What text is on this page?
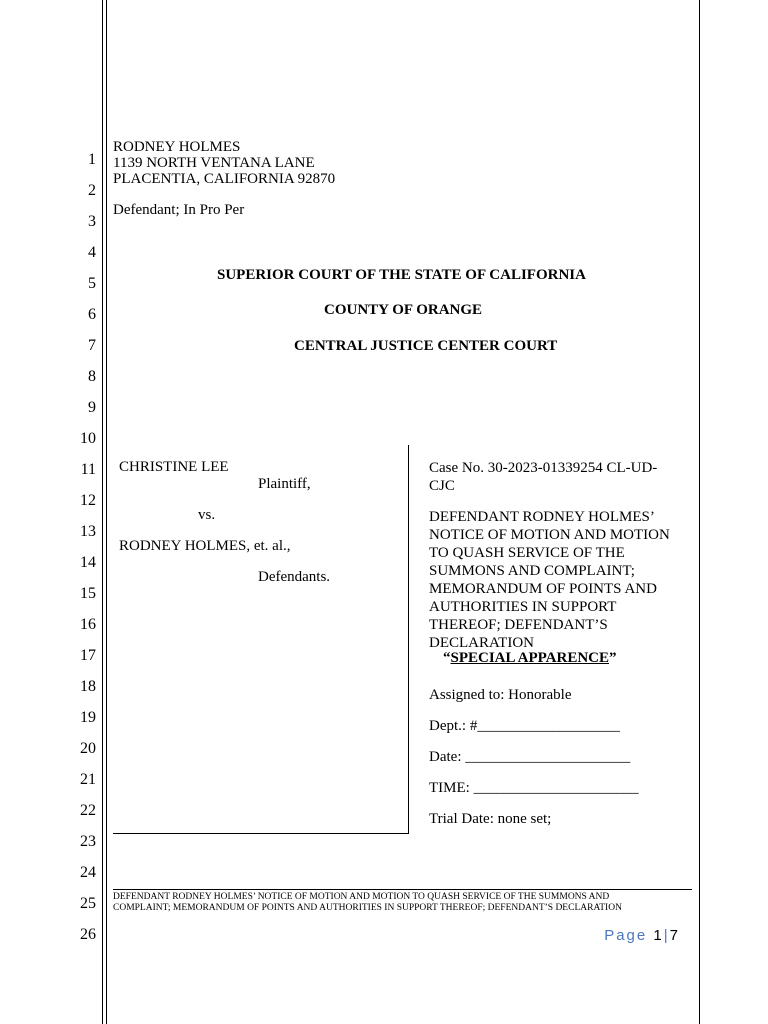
1
2
3
4
5
6
7
8
9
10
11
12
13
14
15
16
17
18
19
20
21
22
23
24
25
26
RODNEY HOLMES
1139 NORTH VENTANA LANE
PLACENTIA, CALIFORNIA 92870
Defendant; In Pro Per
SUPERIOR COURT OF THE STATE OF CALIFORNIA
COUNTY OF ORANGE
CENTRAL JUSTICE CENTER COURT
CHRISTINE LEE
Plaintiff,
vs.
RODNEY HOLMES, et. al.,
Defendants.
Case No. 30-2023-01339254 CL-UD-
CJC
DEFENDANT RODNEY HOLMES’
NOTICE OF MOTION AND MOTION
TO QUASH SERVICE OF THE
SUMMONS AND COMPLAINT;
MEMORANDUM OF POINTS AND
AUTHORITIES IN SUPPORT
THEREOF; DEFENDANT’S
DECLARATION
“SPECIAL APPARENCE”
Assigned to: Honorable
Dept.: #___________________
Date: ______________________
TIME: ______________________
Trial Date: none set;
DEFENDANT RODNEY HOLMES’ NOTICE OF MOTION AND MOTION TO QUASH SERVICE OF THE SUMMONS AND
COMPLAINT; MEMORANDUM OF POINTS AND AUTHORITIES IN SUPPORT THEREOF; DEFENDANT’S DECLARATION
Page 1|7
